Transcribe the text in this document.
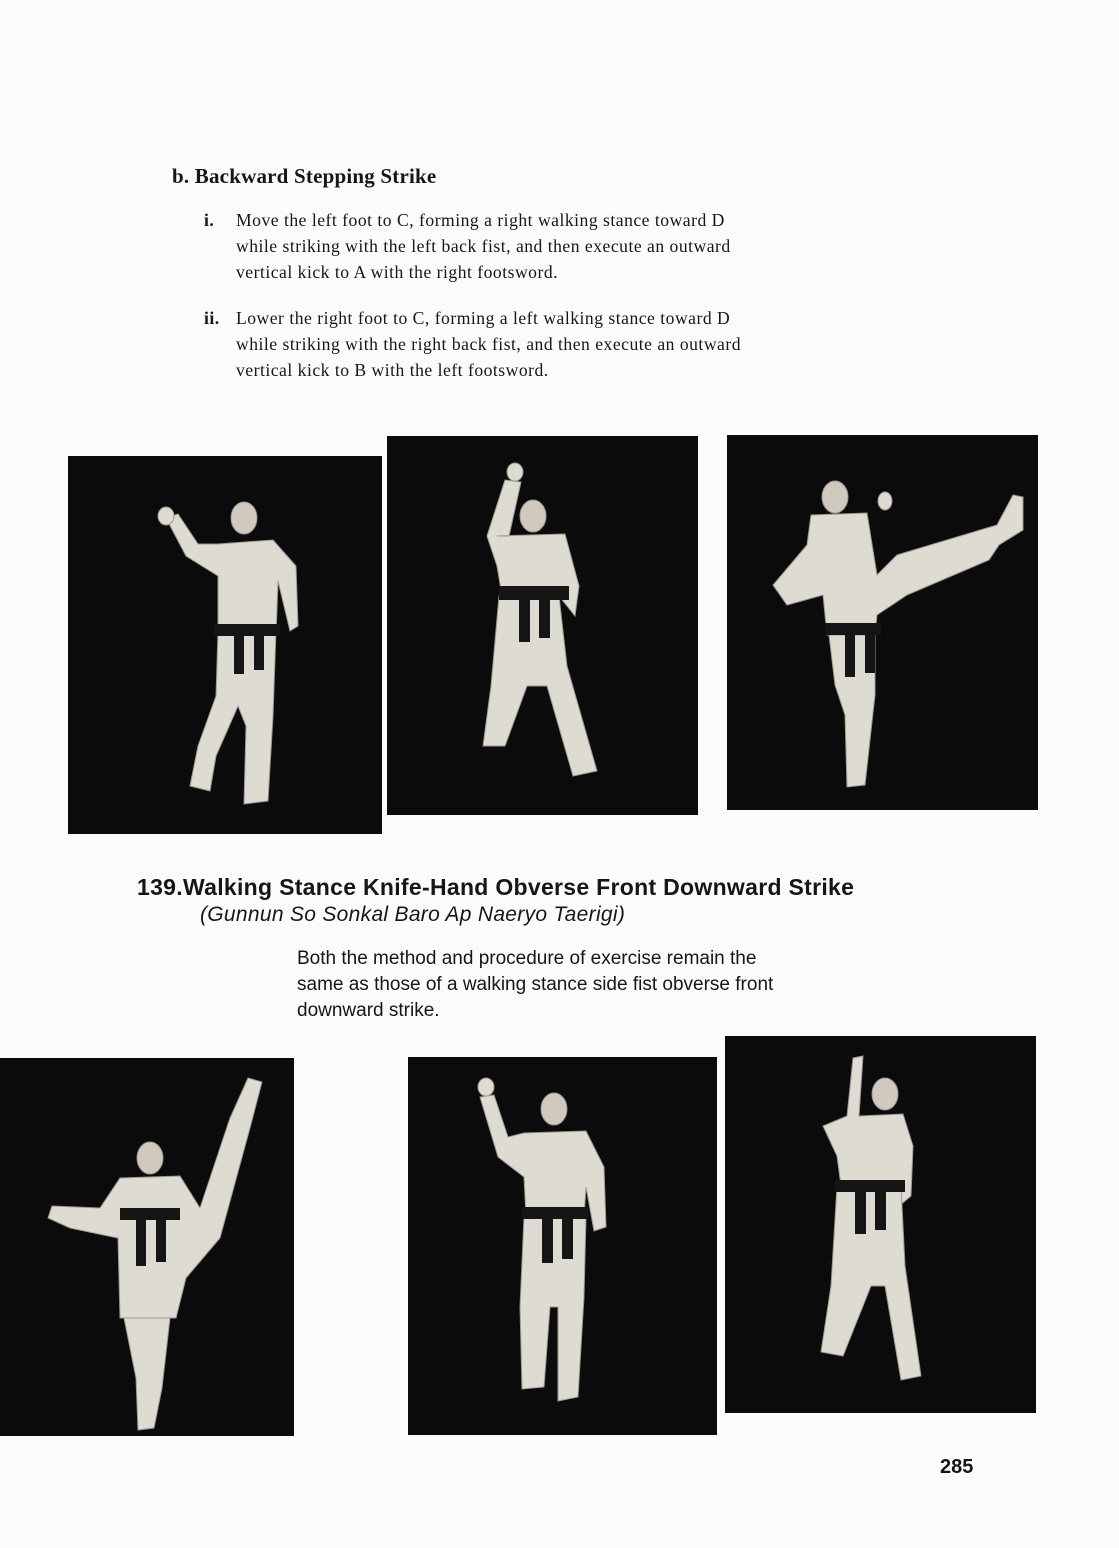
b. Backward Stepping Strike
i. Move the left foot to C, forming a right walking stance toward D
while striking with the left back fist, and then execute an outward
vertical kick to A with the right footsword.
ii. Lower the right foot to C, forming a left walking stance toward D
while striking with the right back fist, and then execute an outward
vertical kick to B with the left footsword.
139.Walking Stance Knife-Hand Obverse Front Downward Strike
(Gunnun So Sonkal Baro Ap Naeryo Taerigi)
Both the method and procedure of exercise remain the
same as those of a walking stance side fist obverse front
downward strike.
285
